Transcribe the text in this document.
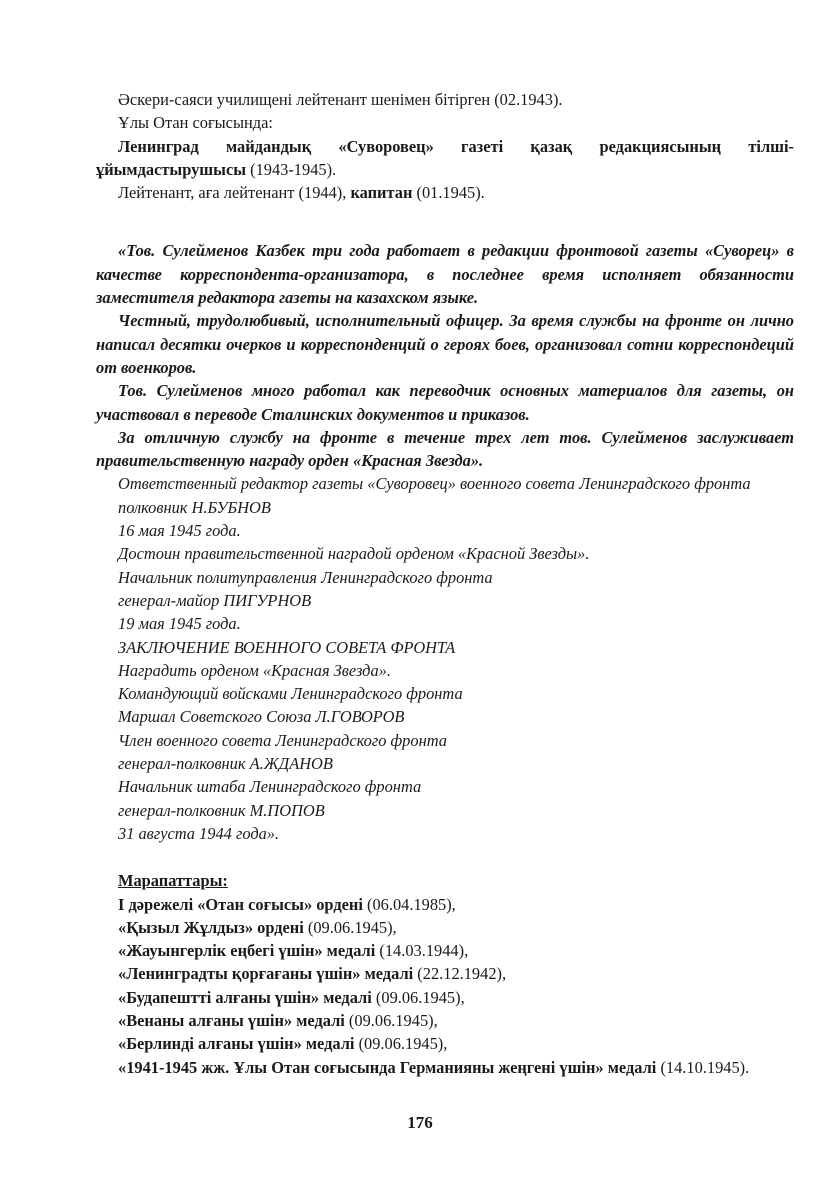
Әскери-саяси училищені лейтенант шенімен бітірген (02.1943).

Ұлы Отан соғысында:

Ленинград майдандық «Суворовец» газеті қазақ редакциясының тілші-ұйымдастырушысы (1943-1945).

Лейтенант, аға лейтенант (1944), капитан (01.1945).

«Тов. Сулейменов Казбек три года работает в редакции фронтовой газеты «Суворец» в качестве корреспондента-организатора, в последнее время исполняет обязанности заместителя редактора газеты на казахском языке.

Честный, трудолюбивый, исполнительный офицер. За время службы на фронте он лично написал десятки очерков и корреспонденций о героях боев, организовал сотни корреспондеций от военкоров.

Тов. Сулейменов много работал как переводчик основных материалов для газеты, он участвовал в переводе Сталинских документов и приказов.

За отличную службу на фронте в течение трех лет тов. Сулейменов заслуживает правительственную награду орден «Красная Звезда».

Ответственный редактор газеты «Суворовец» военного совета Ленинградского фронта

полковник Н.БУБНОВ

16 мая 1945 года.

Достоин правительственной наградой орденом «Красной Звезды».

Начальник политуправления Ленинградского фронта

генерал-майор ПИГУРНОВ

19 мая 1945 года.

ЗАКЛЮЧЕНИЕ ВОЕННОГО СОВЕТА ФРОНТА

Наградить орденом «Красная Звезда».

Командующий войсками Ленинградского фронта

Маршал Советского Союза Л.ГОВОРОВ

Член военного совета Ленинградского фронта

генерал-полковник А.ЖДАНОВ

Начальник штаба Ленинградского фронта

генерал-полковник М.ПОПОВ

31 августа 1944 года».

Марапаттары:

I дәрежелі «Отан соғысы» ордені (06.04.1985),

«Қызыл Жұлдыз» ордені (09.06.1945),

«Жауынгерлік еңбегі үшін» медалі (14.03.1944),

«Ленинградты қорғағаны үшін» медалі (22.12.1942),

«Будапештті алғаны үшін» медалі (09.06.1945),

«Венаны алғаны үшін» медалі (09.06.1945),

«Берлинді алғаны үшін» медалі (09.06.1945),

«1941-1945 жж. Ұлы Отан соғысында Германияны жеңгені үшін» медалі (14.10.1945).

176
